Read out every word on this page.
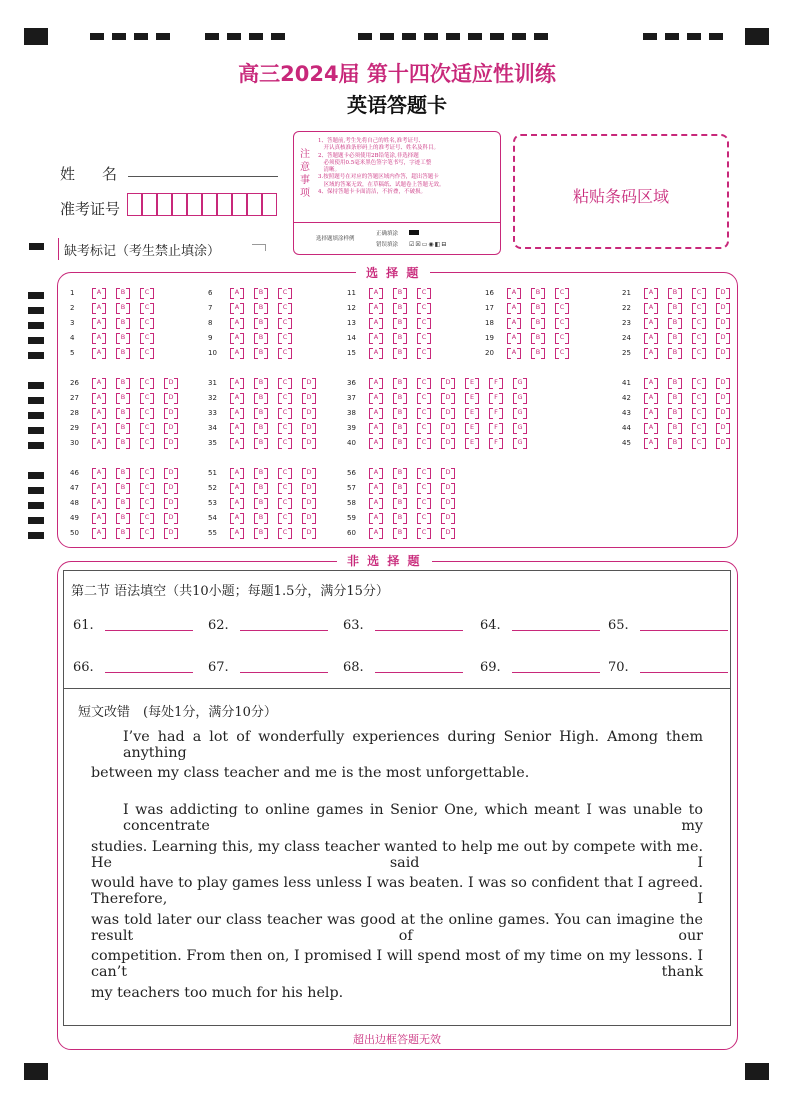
高三2024届 第十四次适应性训练
英语答题卡
姓　名
准考证号
缺考标记（考生禁止填涂）
注意事项
1、答题前,考生先将自己的姓名,准考证号、
　开认真核准条形码上的准考证号、姓名及科目。
2、答题题卡必须使用2B铅笔涂,非选择题
　必须使用0.5毫米黑色签字笔书写，字迹工整
　清晰。
3.按照题号在对应的答题区域内作答，超出答题卡
　区域的答案无效，在草稿纸、试题卷上答题无效。
4、保持答题卡卡面清洁，不折叠，不破损。
选择题填涂样例
正确填涂
错误填涂 ☑☒▭◉◧⊟
粘贴条码区域
选 择 题
1	A	B	C
2	A	B	C
3	A	B	C
4	A	B	C
5	A	B	C
6	A	B	C
7	A	B	C
8	A	B	C
9	A	B	C
10	A	B	C
11	A	B	C
12	A	B	C
13	A	B	C
14	A	B	C
15	A	B	C
16	A	B	C
17	A	B	C
18	A	B	C
19	A	B	C
20	A	B	C
21	A	B	C	D
22	A	B	C	D
23	A	B	C	D
24	A	B	C	D
25	A	B	C	D
26	A	B	C	D
27	A	B	C	D
28	A	B	C	D
29	A	B	C	D
30	A	B	C	D
31	A	B	C	D
32	A	B	C	D
33	A	B	C	D
34	A	B	C	D
35	A	B	C	D
36	A	B	C	D	E	F	G
37	A	B	C	D	E	F	G
38	A	B	C	D	E	F	G
39	A	B	C	D	E	F	G
40	A	B	C	D	E	F	G
41	A	B	C	D
42	A	B	C	D
43	A	B	C	D
44	A	B	C	D
45	A	B	C	D
46	A	B	C	D
47	A	B	C	D
48	A	B	C	D
49	A	B	C	D
50	A	B	C	D
51	A	B	C	D
52	A	B	C	D
53	A	B	C	D
54	A	B	C	D
55	A	B	C	D
56	A	B	C	D
57	A	B	C	D
58	A	B	C	D
59	A	B	C	D
60	A	B	C	D
非 选 择 题
第二节 语法填空（共10小题；每题1.5分，满分15分）
61.	62.	63.	64.	65.
66.	67.	68.	69.	70.
短文改错　(每处1分，满分10分）
I’ve had a lot of wonderfully experiences during Senior High. Among them anything
between my class teacher and me is the most unforgettable.
I was addicting to online games in Senior One, which meant I was unable to concentrate my
studies. Learning this, my class teacher wanted to help me out by compete with me. He said I
would have to play games less unless I was beaten. I was so confident that I agreed. Therefore, I
was told later our class teacher was good at the online games. You can imagine the result of our
competition. From then on, I promised I will spend most of my time on my lessons. I can’t thank
my teachers too much for his help.
超出边框答题无效
